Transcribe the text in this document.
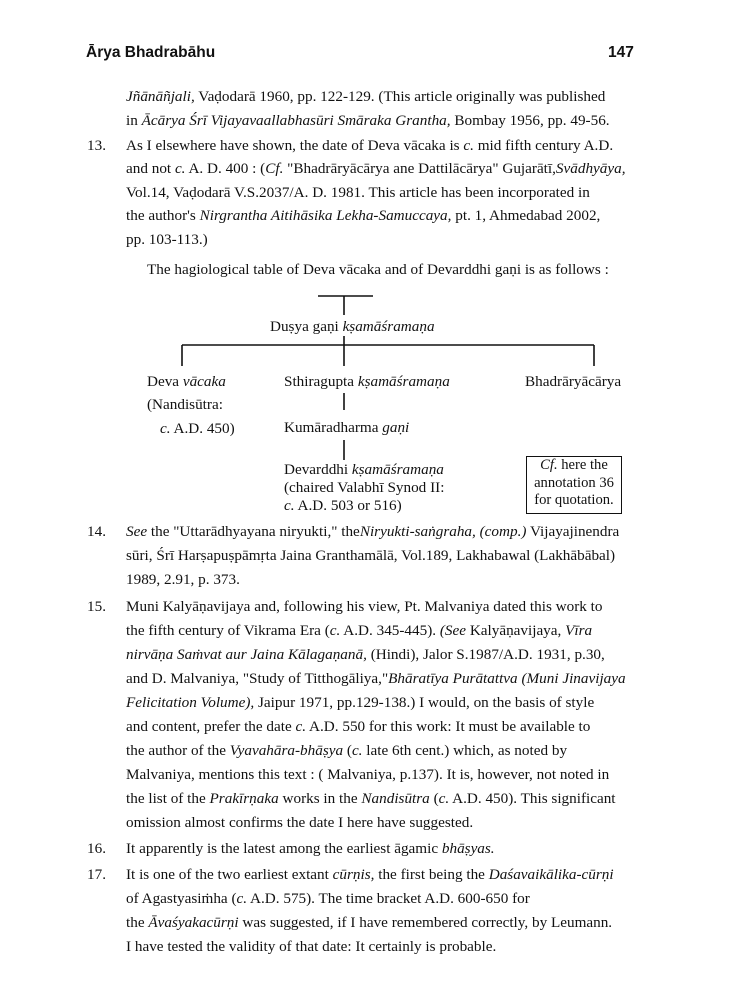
Ārya Bhadrabāhu	147
Jñānāñjali, Vaḍodarā 1960, pp. 122-129. (This article originally was published
in Ācārya Śrī Vijayavaallabhasūri Smāraka Grantha, Bombay 1956, pp. 49-56.
13. As I elsewhere have shown, the date of Deva vācaka is c. mid fifth century A.D.
and not c. A. D. 400 : (Cf. "Bhadrāryācārya ane Dattilācārya" Gujarātī,Svādhyāya,
Vol.14, Vaḍodarā V.S.2037/A. D. 1981. This article has been incorporated in
the author's Nirgrantha Aitihāsika Lekha-Samuccaya, pt. 1, Ahmedabad 2002,
pp. 103-113.)
The hagiological table of Deva vācaka and of Devarddhi gaṇi is as follows :
Duṣya gaṇi kṣamāśramaṇa
Deva vācaka
(Nandisūtra:
c. A.D. 450)
Sthiragupta kṣamāśramaṇa
Kumāradharma gaṇi
Devarddhi kṣamāśramaṇa
(chaired Valabhī Synod II:
c. A.D. 503 or 516)
Bhadrāryācārya
Cf. here the
annotation 36
for quotation.
14. See the "Uttarādhyayana niryukti," theNiryukti-saṅgraha, (comp.) Vijayajinendra
sūri, Śrī Harṣapuṣpāmṛta Jaina Granthamālā, Vol.189, Lakhabawal (Lakhābābal)
1989, 2.91, p. 373.
15. Muni Kalyāṇavijaya and, following his view, Pt. Malvaniya dated this work to
the fifth century of Vikrama Era (c. A.D. 345-445). (See Kalyāṇavijaya, Vīra
nirvāṇa Saṁvat aur Jaina Kālagaṇanā, (Hindi), Jalor S.1987/A.D. 1931, p.30,
and D. Malvaniya, "Study of Titthogāliya,"Bhāratīya Purātattva (Muni Jinavijaya
Felicitation Volume), Jaipur 1971, pp.129-138.) I would, on the basis of style
and content, prefer the date c. A.D. 550 for this work: It must be available to
the author of the Vyavahāra-bhāṣya (c. late 6th cent.) which, as noted by
Malvaniya, mentions this text : ( Malvaniya, p.137). It is, however, not noted in
the list of the Prakīrṇaka works in the Nandisūtra (c. A.D. 450). This significant
omission almost confirms the date I here have suggested.
16. It apparently is the latest among the earliest āgamic bhāṣyas.
17. It is one of the two earliest extant cūrṇis, the first being the Daśavaikālika-cūrṇi
of Agastyasiṁha (c. A.D. 575). The time bracket A.D. 600-650 for
the Āvaśyakacūrṇi was suggested, if I have remembered correctly, by Leumann.
I have tested the validity of that date: It certainly is probable.
